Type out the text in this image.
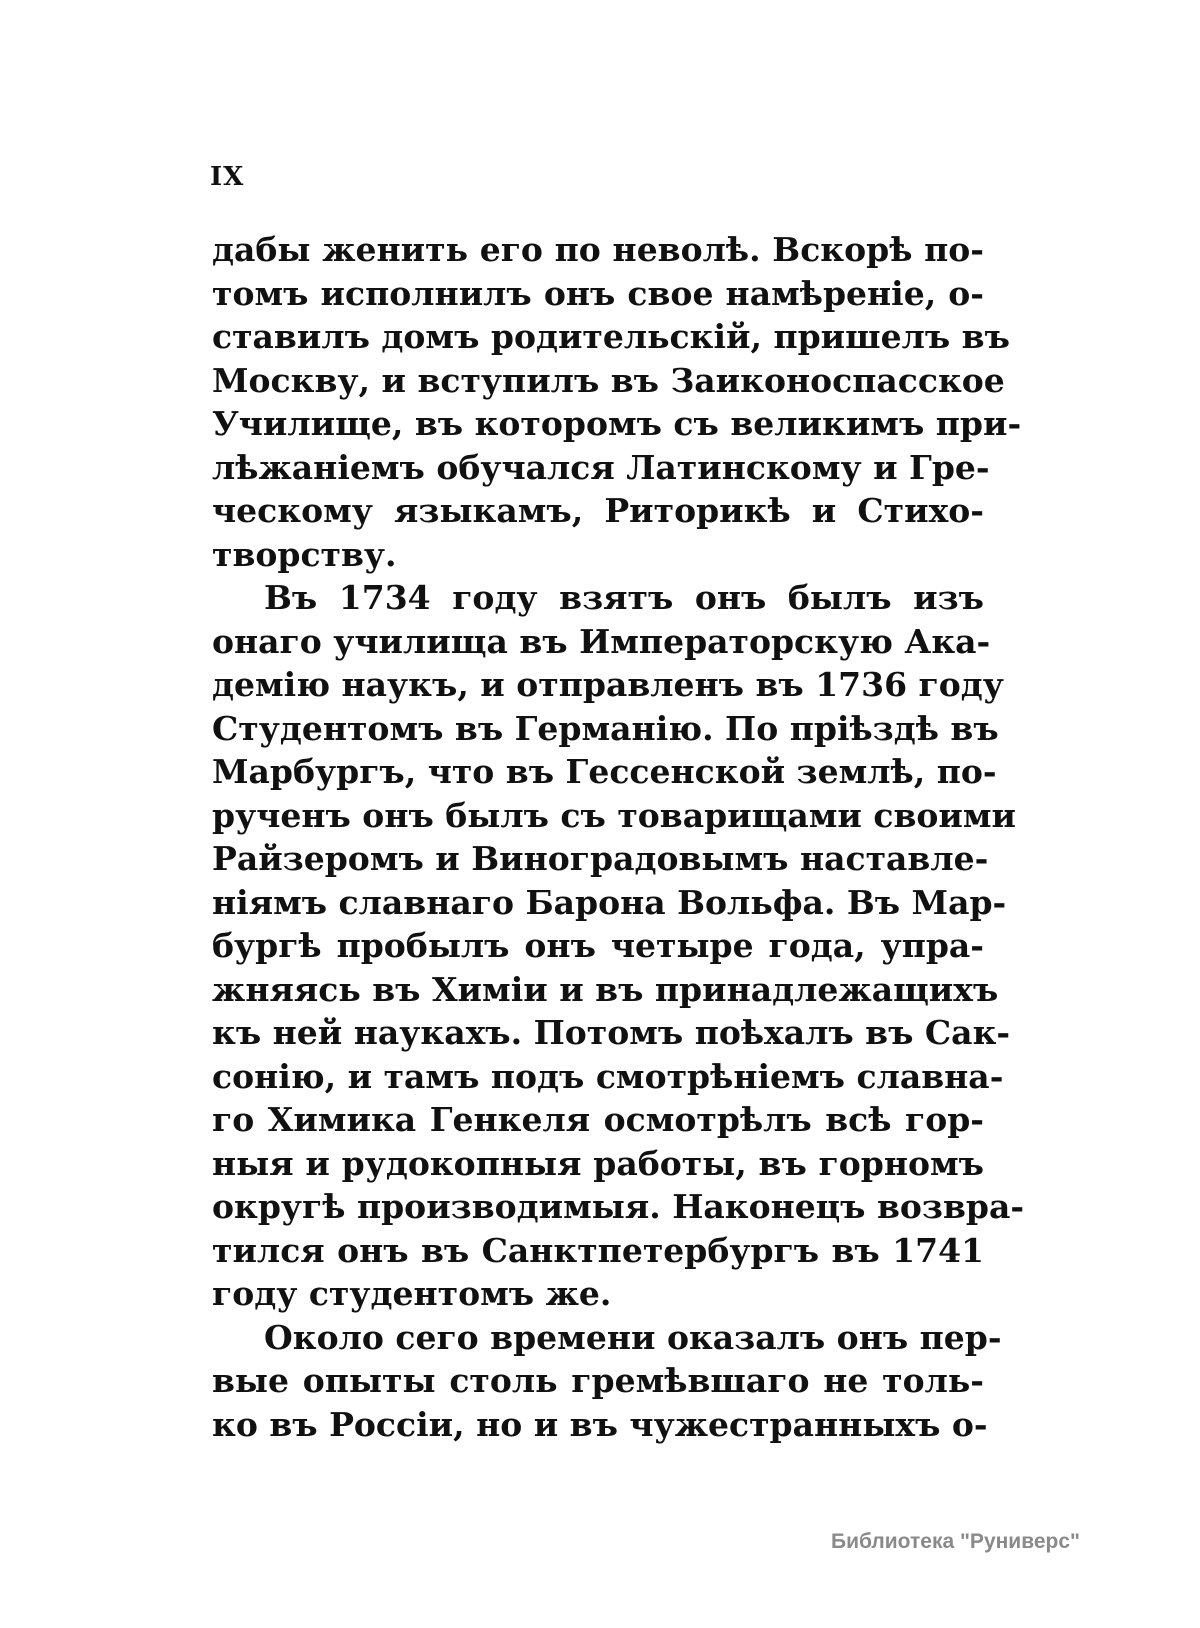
IX
дабы женить его по неволѣ. Вскорѣ по-
томъ исполнилъ онъ свое намѣреніе, о-
ставилъ домъ родительскій, пришелъ въ
Москву, и вступилъ въ Заиконоспасское
Училище, въ которомъ съ великимъ при-
лѣжаніемъ обучался Латинскому и Гре-
ческому языкамъ, Риторикѣ и Стихо-
творству.
Въ 1734 году взятъ онъ былъ изъ
онаго училища въ Императорскую Ака-
демію наукъ, и отправленъ въ 1736 году
Студентомъ въ Германію. По пріѣздѣ въ
Марбургъ, что въ Гессенской землѣ, по-
рученъ онъ былъ съ товарищами своими
Райзеромъ и Виноградовымъ наставле-
ніямъ славнаго Барона Вольфа. Въ Мар-
бургѣ пробылъ онъ четыре года, упра-
жняясь въ Химіи и въ принадлежащихъ
къ ней наукахъ. Потомъ поѣхалъ въ Сак-
сонію, и тамъ подъ смотрѣніемъ славна-
го Химика Генкеля осмотрѣлъ всѣ гор-
ныя и рудокопныя работы, въ горномъ
округѣ производимыя. Наконецъ возвра-
тился онъ въ Санктпетербургъ въ 1741
году студентомъ же.
Около сего времени оказалъ онъ пер-
вые опыты столь гремѣвшаго не толь-
ко въ Россіи, но и въ чужестранныхъ о-
Библиотека "Руниверс"
